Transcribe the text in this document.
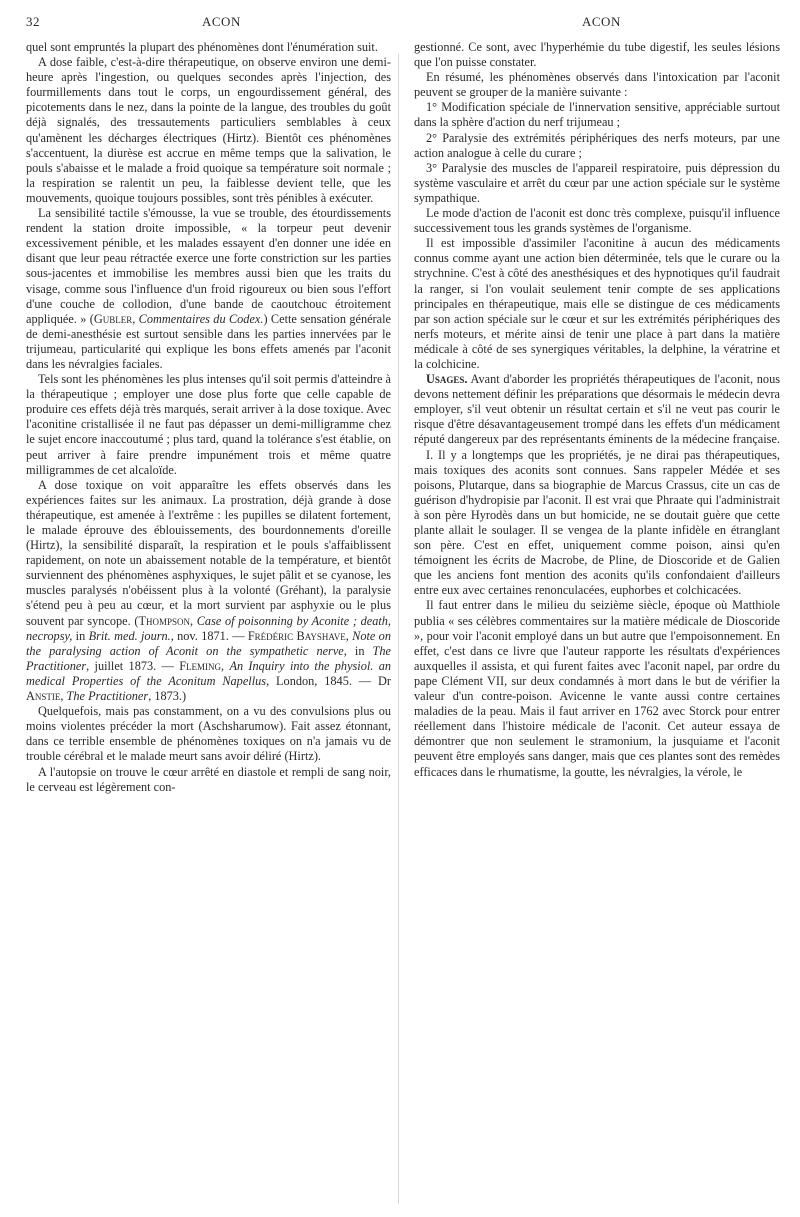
32	ACON	ACON

quel sont empruntés la plupart des phénomènes dont l'énumération suit.

A dose faible, c'est-à-dire thérapeutique, on observe environ une demi-heure après l'ingestion, ou quelques secondes après l'injection, des fourmillements dans tout le corps, un engourdissement général, des picotements dans le nez, dans la pointe de la langue, des troubles du goût déjà signalés, des tressautements particuliers semblables à ceux qu'amènent les décharges électriques (Hirtz). Bientôt ces phénomènes s'accentuent, la diurèse est accrue en même temps que la salivation, le pouls s'abaisse et le malade a froid quoique sa température soit normale ; la respiration se ralentit un peu, la faiblesse devient telle, que les mouvements, quoique toujours possibles, sont très pénibles à exécuter.

La sensibilité tactile s'émousse, la vue se trouble, des étourdissements rendent la station droite impossible, « la torpeur peut devenir excessivement pénible, et les malades essayent d'en donner une idée en disant que leur peau rétractée exerce une forte constriction sur les parties sous-jacentes et immobilise les membres aussi bien que les traits du visage, comme sous l'influence d'un froid rigoureux ou bien sous l'effort d'une couche de collodion, d'une bande de caoutchouc étroitement appliquée. » (Gubler, Commentaires du Codex.) Cette sensation générale de demi-anesthésie est surtout sensible dans les parties innervées par le trijumeau, particularité qui explique les bons effets amenés par l'aconit dans les névralgies faciales.

Tels sont les phénomènes les plus intenses qu'il soit permis d'atteindre à la thérapeutique ; employer une dose plus forte que celle capable de produire ces effets déjà très marqués, serait arriver à la dose toxique. Avec l'aconitine cristallisée il ne faut pas dépasser un demi-milligramme chez le sujet encore inaccoutumé ; plus tard, quand la tolérance s'est établie, on peut arriver à faire prendre impunément trois et même quatre milligrammes de cet alcaloïde.

A dose toxique on voit apparaître les effets observés dans les expériences faites sur les animaux. La prostration, déjà grande à dose thérapeutique, est amenée à l'extrême : les pupilles se dilatent fortement, le malade éprouve des éblouissements, des bourdonnements d'oreille (Hirtz), la sensibilité disparaît, la respiration et le pouls s'affaiblissent rapidement, on note un abaissement notable de la température, et bientôt surviennent des phénomènes asphyxiques, le sujet pâlit et se cyanose, les muscles paralysés n'obéissent plus à la volonté (Gréhant), la paralysie s'étend peu à peu au cœur, et la mort survient par asphyxie ou le plus souvent par syncope. (Thompson, Case of poisonning by Aconite ; death, necropsy, in Brit. med. journ., nov. 1871. — Frédéric Bayshave, Note on the paralysing action of Aconit on the sympathetic nerve, in The Practitioner, juillet 1873. — Fleming, An Inquiry into the physiol. an medical Properties of the Aconitum Napellus, London, 1845. — Dr Anstie, The Practitioner, 1873.)

Quelquefois, mais pas constamment, on a vu des convulsions plus ou moins violentes précéder la mort (Aschsharumow). Fait assez étonnant, dans ce terrible ensemble de phénomènes toxiques on n'a jamais vu de trouble cérébral et le malade meurt sans avoir déliré (Hirtz).

A l'autopsie on trouve le cœur arrêté en diastole et rempli de sang noir, le cerveau est légèrement con-

gestionné. Ce sont, avec l'hyperhémie du tube digestif, les seules lésions que l'on puisse constater.

En résumé, les phénomènes observés dans l'intoxication par l'aconit peuvent se grouper de la manière suivante :

1° Modification spéciale de l'innervation sensitive, appréciable surtout dans la sphère d'action du nerf trijumeau ;

2° Paralysie des extrémités périphériques des nerfs moteurs, par une action analogue à celle du curare ;

3° Paralysie des muscles de l'appareil respiratoire, puis dépression du système vasculaire et arrêt du cœur par une action spéciale sur le système sympathique.

Le mode d'action de l'aconit est donc très complexe, puisqu'il influence successivement tous les grands systèmes de l'organisme.

Il est impossible d'assimiler l'aconitine à aucun des médicaments connus comme ayant une action bien déterminée, tels que le curare ou la strychnine. C'est à côté des anesthésiques et des hypnotiques qu'il faudrait la ranger, si l'on voulait seulement tenir compte de ses applications principales en thérapeutique, mais elle se distingue de ces médicaments par son action spéciale sur le cœur et sur les extrémités périphériques des nerfs moteurs, et mérite ainsi de tenir une place à part dans la matière médicale à côté de ses synergiques véritables, la delphine, la vératrine et la colchicine.

Usages. Avant d'aborder les propriétés thérapeutiques de l'aconit, nous devons nettement définir les préparations que désormais le médecin devra employer, s'il veut obtenir un résultat certain et s'il ne veut pas courir le risque d'être désavantageusement trompé dans les effets d'un médicament réputé dangereux par des représentants éminents de la médecine française.

I. Il y a longtemps que les propriétés, je ne dirai pas thérapeutiques, mais toxiques des aconits sont connues. Sans rappeler Médée et ses poisons, Plutarque, dans sa biographie de Marcus Crassus, cite un cas de guérison d'hydropisie par l'aconit. Il est vrai que Phraate qui l'administrait à son père Hyrodès dans un but homicide, ne se doutait guère que cette plante allait le soulager. Il se vengea de la plante infidèle en étranglant son père. C'est en effet, uniquement comme poison, ainsi qu'en témoignent les écrits de Macrobe, de Pline, de Dioscoride et de Galien que les anciens font mention des aconits qu'ils confondaient d'ailleurs entre eux avec certaines renonculacées, euphorbes et colchicacées.

Il faut entrer dans le milieu du seizième siècle, époque où Matthiole publia « ses célèbres commentaires sur la matière médicale de Dioscoride », pour voir l'aconit employé dans un but autre que l'empoisonnement. En effet, c'est dans ce livre que l'auteur rapporte les résultats d'expériences auxquelles il assista, et qui furent faites avec l'aconit napel, par ordre du pape Clément VII, sur deux condamnés à mort dans le but de vérifier la valeur d'un contre-poison. Avicenne le vante aussi contre certaines maladies de la peau. Mais il faut arriver en 1762 avec Storck pour entrer réellement dans l'histoire médicale de l'aconit. Cet auteur essaya de démontrer que non seulement le stramonium, la jusquiame et l'aconit peuvent être employés sans danger, mais que ces plantes sont des remèdes efficaces dans le rhumatisme, la goutte, les névralgies, la vérole, le
